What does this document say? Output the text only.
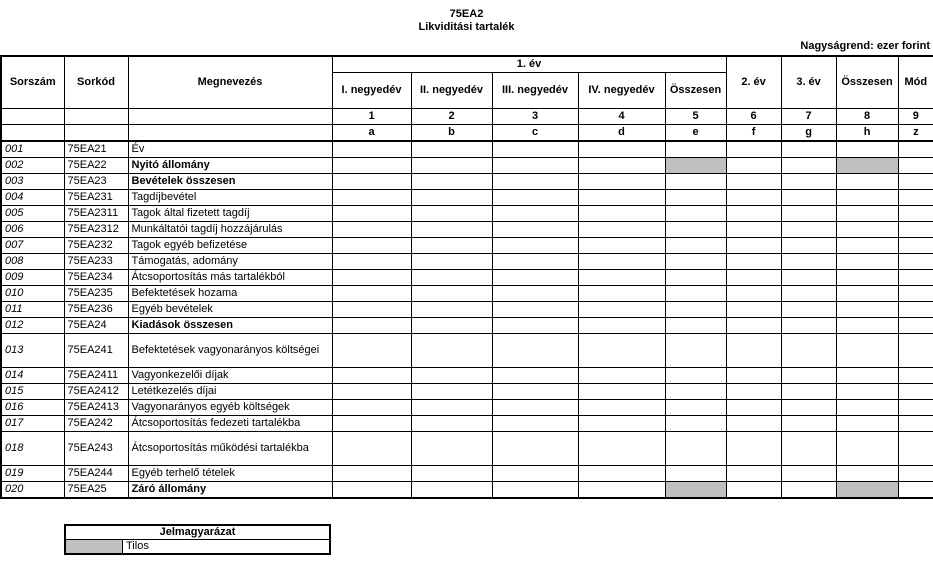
75EA2
Likviditási tartalék
Nagyságrend: ezer forint
Sorszám	Sorkód	Megnevezés	1. év					2. év	3. év	Összesen	Mód
			I. negyedév	II. negyedév	III. negyedév	IV. negyedév	Összesen				
			1	2	3	4	5	6	7	8	9
			a	b	c	d	e	f	g	h	z
001	75EA21	Év									
002	75EA22	Nyitó állomány									
003	75EA23	Bevételek összesen									
004	75EA231	Tagdíjbevétel									
005	75EA2311	Tagok által fizetett tagdíj									
006	75EA2312	Munkáltatói tagdíj hozzájárulás									
007	75EA232	Tagok egyéb befizetése									
008	75EA233	Támogatás, adomány									
009	75EA234	Átcsoportosítás más tartalékból									
010	75EA235	Befektetések hozama									
011	75EA236	Egyéb bevételek									
012	75EA24	Kiadások összesen									
013	75EA241	Befektetések vagyonarányos költségei									
014	75EA2411	Vagyonkezelői díjak									
015	75EA2412	Letétkezelés díjai									
016	75EA2413	Vagyonarányos egyéb költségek									
017	75EA242	Átcsoportosítás fedezeti tartalékba									
018	75EA243	Átcsoportosítás működési tartalékba									
019	75EA244	Egyéb terhelő tételek									
020	75EA25	Záró állomány									
Jelmagyarázat
	Tilos
